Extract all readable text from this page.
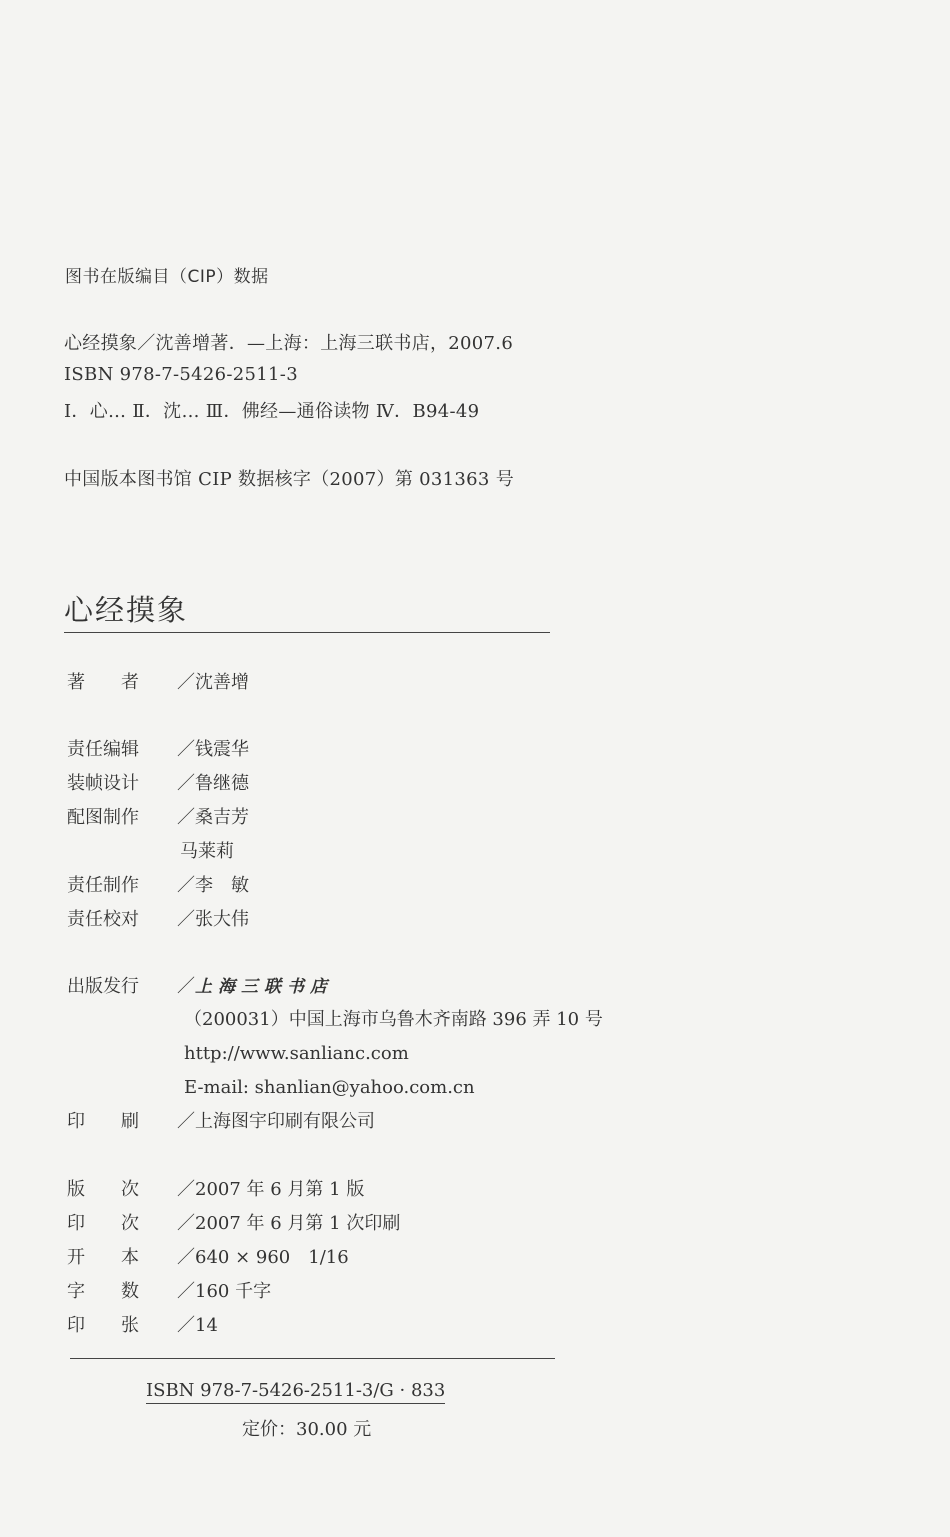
图书在版编目（CIP）数据
心经摸象／沈善增著．—上海：上海三联书店，2007.6
ISBN 978-7-5426-2511-3
Ⅰ．心… Ⅱ．沈… Ⅲ．佛经—通俗读物 Ⅳ．B94-49
中国版本图书馆 CIP 数据核字（2007）第 031363 号
心经摸象
著　　者 ／沈善增
责任编辑 ／钱震华
装帧设计 ／鲁继德
配图制作 ／桑吉芳
马莱莉
责任制作 ／李　敏
责任校对 ／张大伟
出版发行 ／上海三联书店
（200031）中国上海市乌鲁木齐南路 396 弄 10 号
http://www.sanlianc.com
E-mail: shanlian@yahoo.com.cn
印　　刷 ／上海图宇印刷有限公司
版　　次 ／2007 年 6 月第 1 版
印　　次 ／2007 年 6 月第 1 次印刷
开　　本 ／640 × 960　1/16
字　　数 ／160 千字
印　　张 ／14
ISBN 978-7-5426-2511-3/G · 833
定价：30.00 元
